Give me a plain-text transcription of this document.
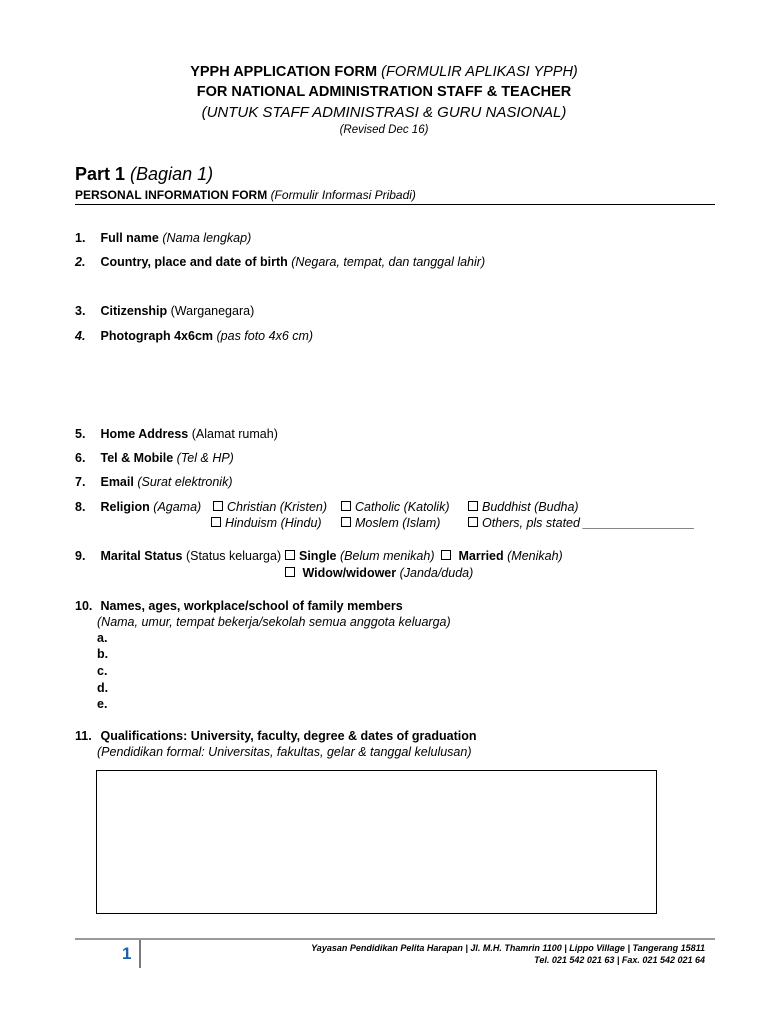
YPPH APPLICATION FORM (FORMULIR APLIKASI YPPH)
FOR NATIONAL ADMINISTRATION STAFF & TEACHER
(UNTUK STAFF ADMINISTRASI & GURU NASIONAL)
(Revised Dec 16)
Part 1 (Bagian 1)
PERSONAL INFORMATION FORM (Formulir Informasi Pribadi)
1. Full name (Nama lengkap)
2. Country, place and date of birth (Negara, tempat, dan tanggal lahir)
3. Citizenship (Warganegara)
4. Photograph 4x6cm (pas foto 4x6 cm)
5. Home Address (Alamat rumah)
6. Tel & Mobile (Tel & HP)
7. Email (Surat elektronik)
8. Religion (Agama)	Christian (Kristen)	Catholic (Katolik)	Buddhist (Budha)
Hinduism (Hindu)	Moslem (Islam)	Others, pls stated ________________
9. Marital Status (Status keluarga)	Single (Belum menikah)	Married (Menikah)
Widow/widower (Janda/duda)
10. Names, ages, workplace/school of family members
(Nama, umur, tempat bekerja/sekolah semua anggota keluarga)
a.
b.
c.
d.
e.
11. Qualifications: University, faculty, degree & dates of graduation
(Pendidikan formal: Universitas, fakultas, gelar & tanggal kelulusan)
1	Yayasan Pendidikan Pelita Harapan | Jl. M.H. Thamrin 1100 | Lippo Village | Tangerang 15811
Tel. 021 542 021 63 | Fax. 021 542 021 64
